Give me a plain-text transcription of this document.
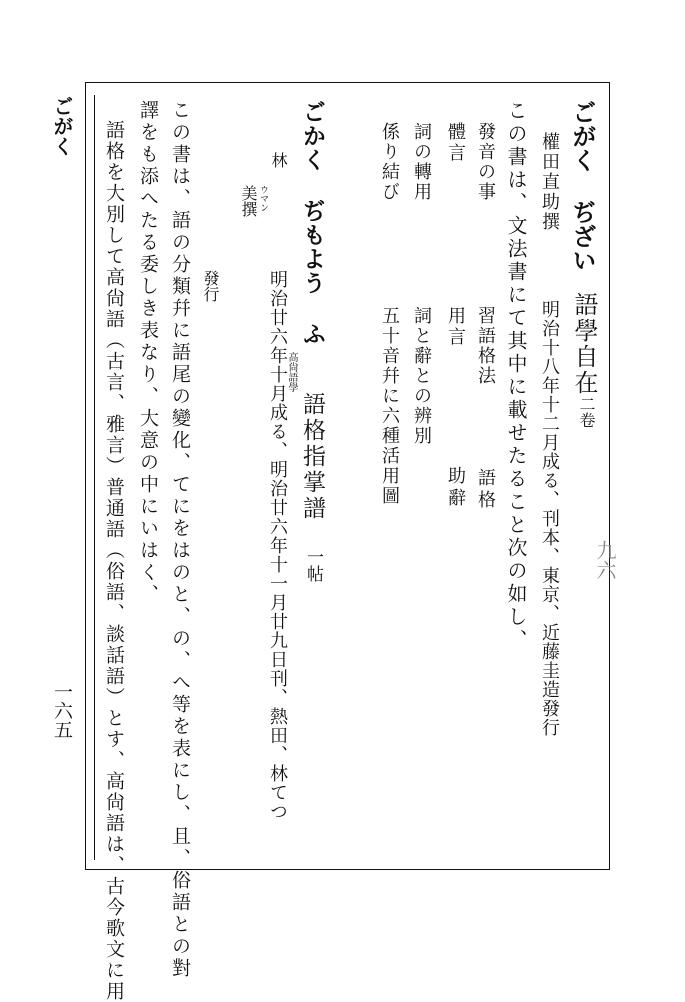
ごがく
一六五
ごがく ぢざい
語學自在
二卷
權田直助撰
明治十八年十二月成る、刊本、東京、近藤圭造發行
この書は、文法書にて其中に載せたること次の如し、
發音の事
習語格法
語格
體言
用言
助辭
詞の轉用
詞と辭との辨別
係り結び
五十音幷に六種活用圖
ごかく ぢもよう ふ
高尙語學
語格指掌譜
一帖
林
ウマン
美撰
明治廿六年十月成る、明治廿六年十一月廿九日刊、熱田、林てつ
發行
この書は、語の分類幷に語尾の變化、てにをはのと、の、へ等を表にし、且、俗語との對
譯をも添へたる委しき表なり、大意の中にいはく、
語格を大別して高尙語（古言、雅言）普通語（俗語、談話語）とす、高尙語は、古今歌文に用	九六
